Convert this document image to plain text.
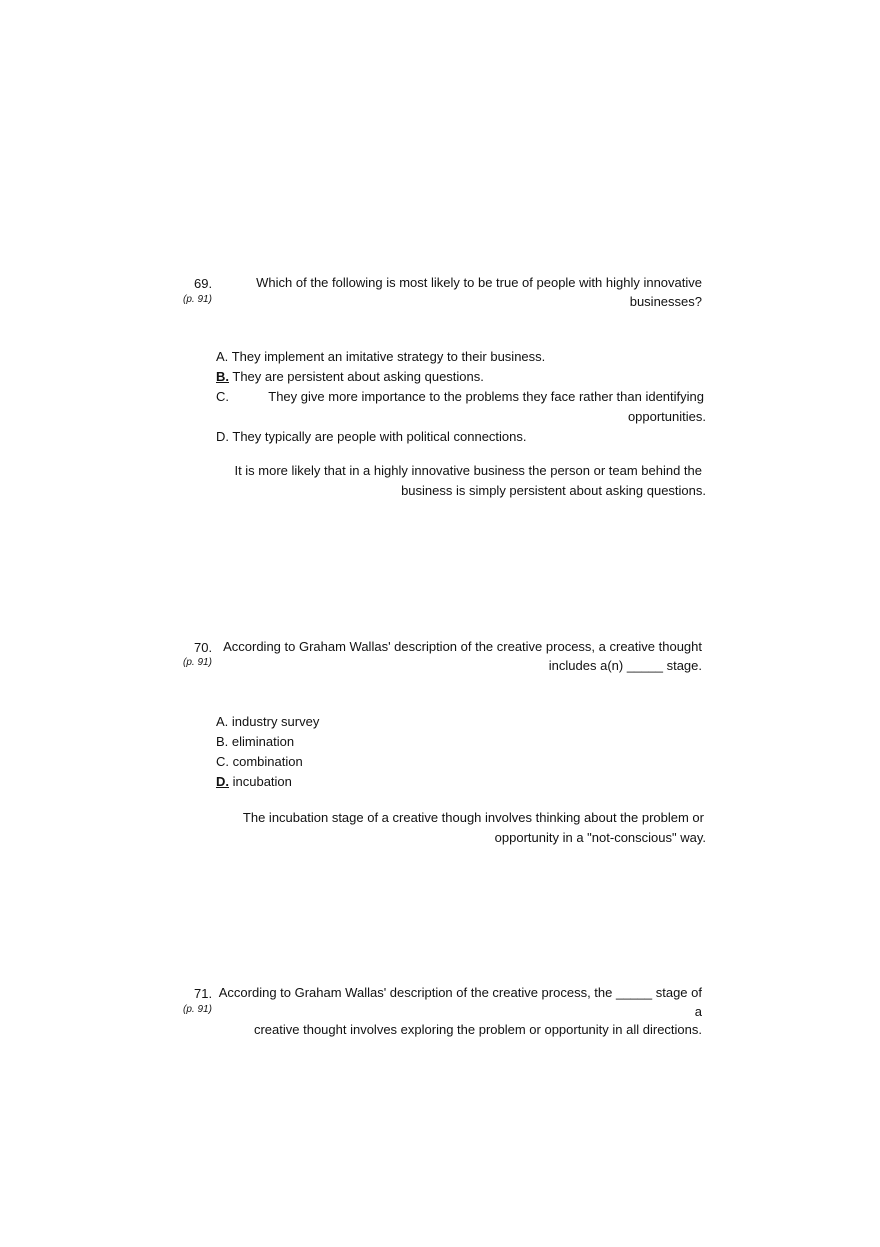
69.
(p. 91)
Which of the following is most likely to be true of people with highly innovative
businesses?
A. They implement an imitative strategy to their business.
B. They are persistent about asking questions.
C.	They give more importance to the problems they face rather than identifying
opportunities.
D. They typically are people with political connections.
It is more likely that in a highly innovative business the person or team behind the
business is simply persistent about asking questions.
70.
(p. 91)
According to Graham Wallas' description of the creative process, a creative thought
includes a(n) _____ stage.
A. industry survey
B. elimination
C. combination
D. incubation
The incubation stage of a creative though involves thinking about the problem or
opportunity in a "not-conscious" way.
71.
(p. 91)
According to Graham Wallas' description of the creative process, the _____ stage of a
creative thought involves exploring the problem or opportunity in all directions.
